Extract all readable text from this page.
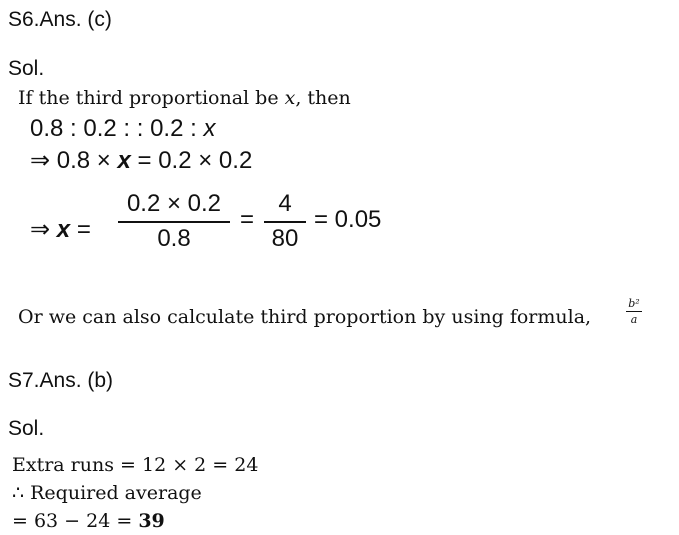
S6.Ans. (c)
Sol.
If the third proportional be x, then
0.8 : 0.2 : : 0.2 : x
⇒ 0.8 × x = 0.2 × 0.2
⇒ x =
0.2 × 0.2
0.8
=
4
80
= 0.05
Or we can also calculate third proportion by using formula,
b²
a
S7.Ans. (b)
Sol.
Extra runs = 12 × 2 = 24
∴ Required average
= 63 − 24 = 39
